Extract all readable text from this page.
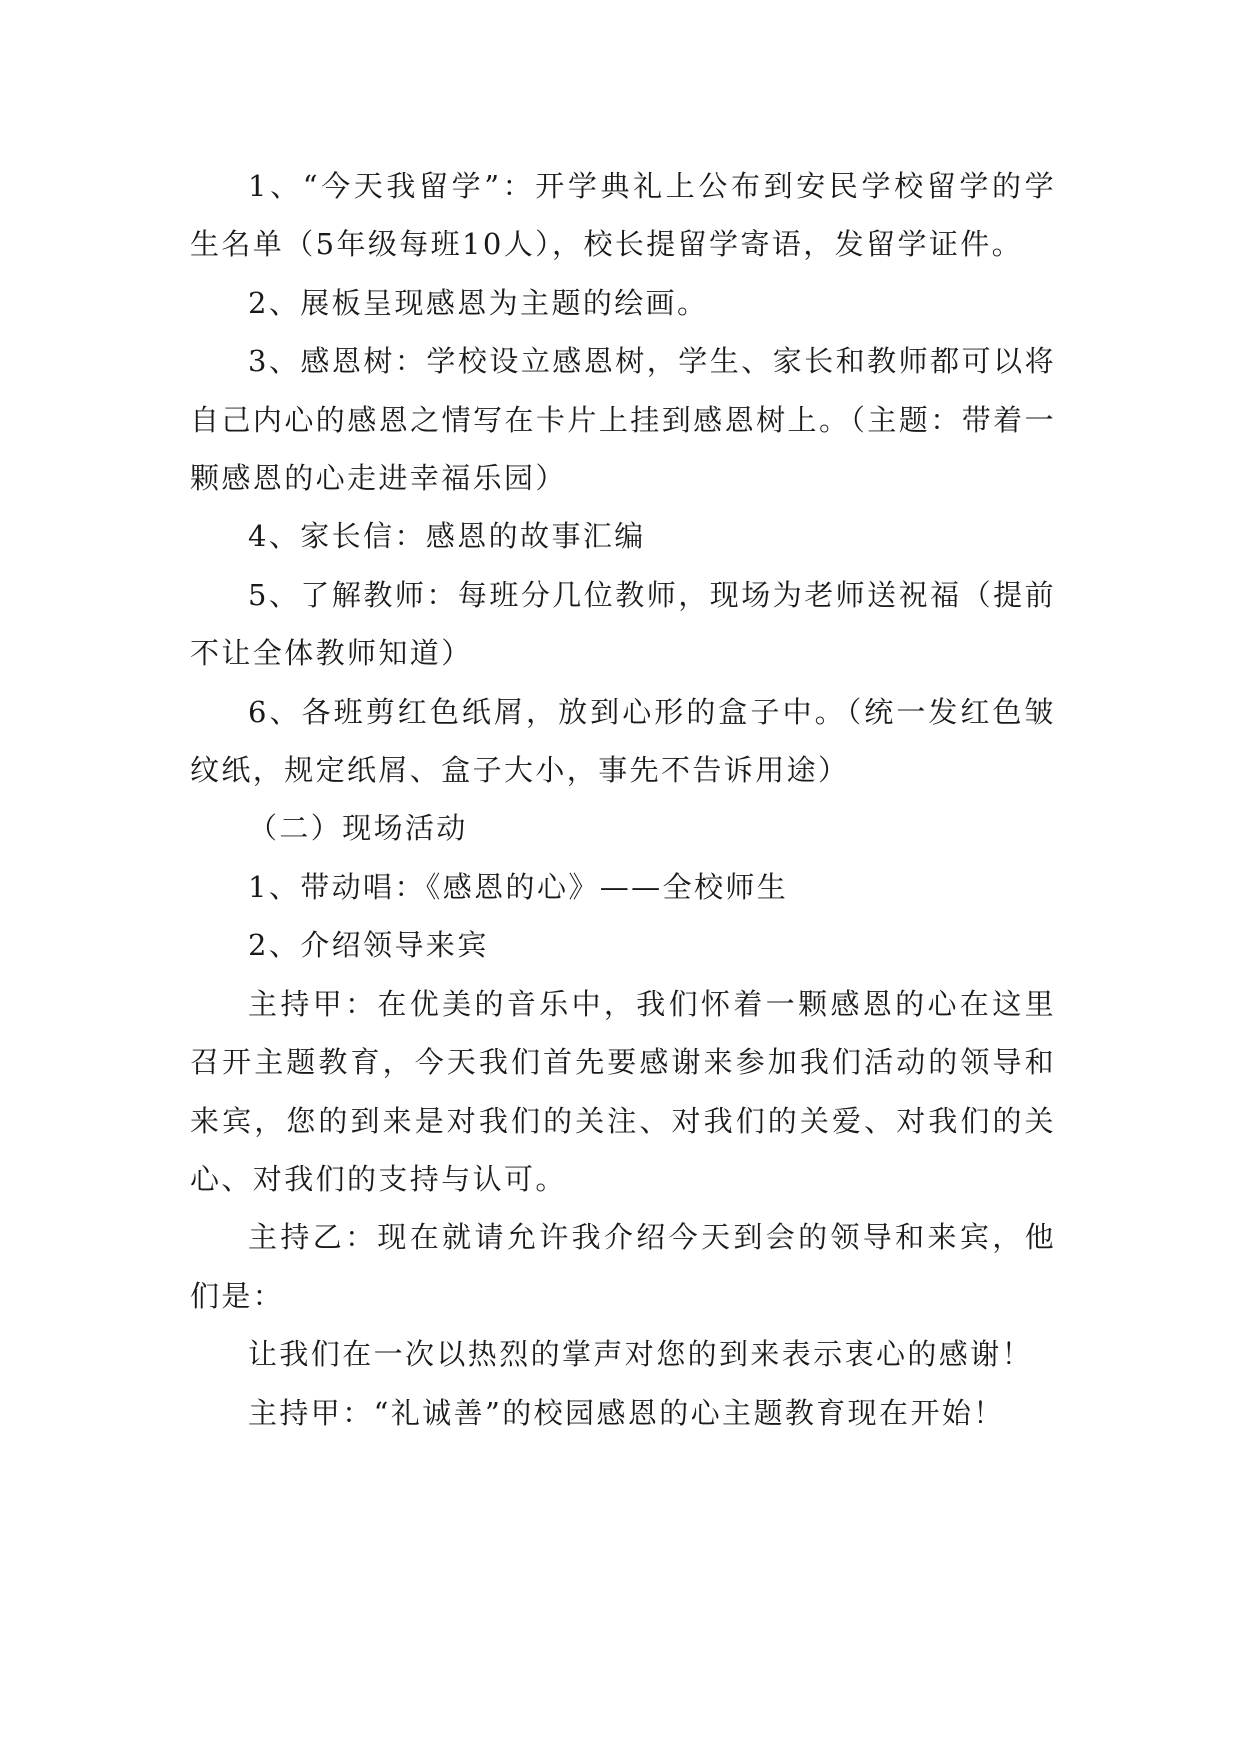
1、“今天我留学”：开学典礼上公布到安民学校留学的学生名单（5年级每班10人），校长提留学寄语，发留学证件。

2、展板呈现感恩为主题的绘画。

3、感恩树：学校设立感恩树，学生、家长和教师都可以将自己内心的感恩之情写在卡片上挂到感恩树上。（主题：带着一颗感恩的心走进幸福乐园）

4、家长信：感恩的故事汇编

5、了解教师：每班分几位教师，现场为老师送祝福（提前不让全体教师知道）

6、各班剪红色纸屑，放到心形的盒子中。（统一发红色皱纹纸，规定纸屑、盒子大小，事先不告诉用途）

（二）现场活动

1、带动唱：《感恩的心》——全校师生

2、介绍领导来宾

主持甲：在优美的音乐中，我们怀着一颗感恩的心在这里召开主题教育，今天我们首先要感谢来参加我们活动的领导和来宾，您的到来是对我们的关注、对我们的关爱、对我们的关心、对我们的支持与认可。

主持乙：现在就请允许我介绍今天到会的领导和来宾，他们是：

让我们在一次以热烈的掌声对您的到来表示衷心的感谢！

主持甲：“礼诚善”的校园感恩的心主题教育现在开始！
